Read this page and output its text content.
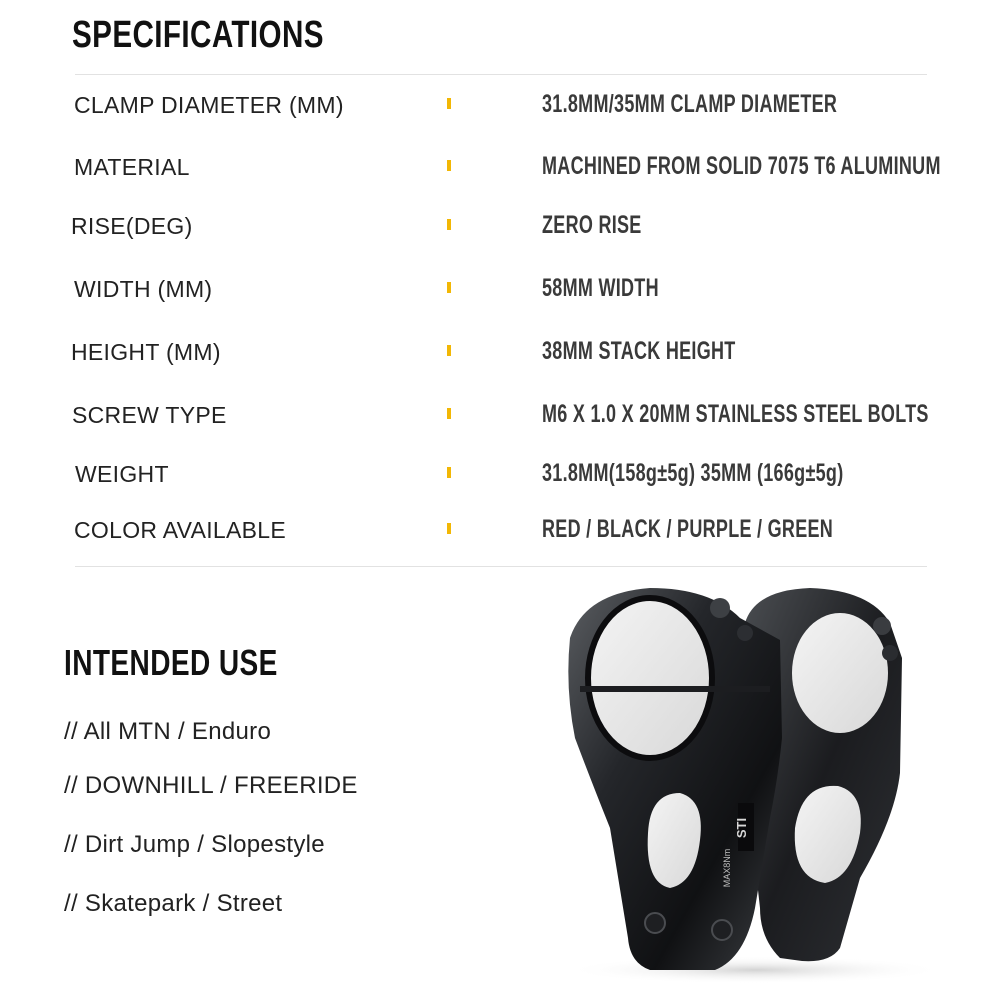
SPECIFICATIONS
CLAMP DIAMETER (MM)	31.8MM/35MM CLAMP DIAMETER
MATERIAL	MACHINED FROM SOLID 7075 T6 ALUMINUM
RISE(DEG)	ZERO RISE
WIDTH (MM)	58MM WIDTH
HEIGHT (MM)	38MM STACK HEIGHT
SCREW TYPE	M6 X 1.0 X 20MM STAINLESS STEEL BOLTS
WEIGHT	31.8MM(158g±5g) 35MM (166g±5g)
COLOR AVAILABLE	RED / BLACK / PURPLE / GREEN
INTENDED USE
// All MTN / Enduro
// DOWNHILL / FREERIDE
// Dirt Jump / Slopestyle
// Skatepark / Street
STI
MAX8Nm
